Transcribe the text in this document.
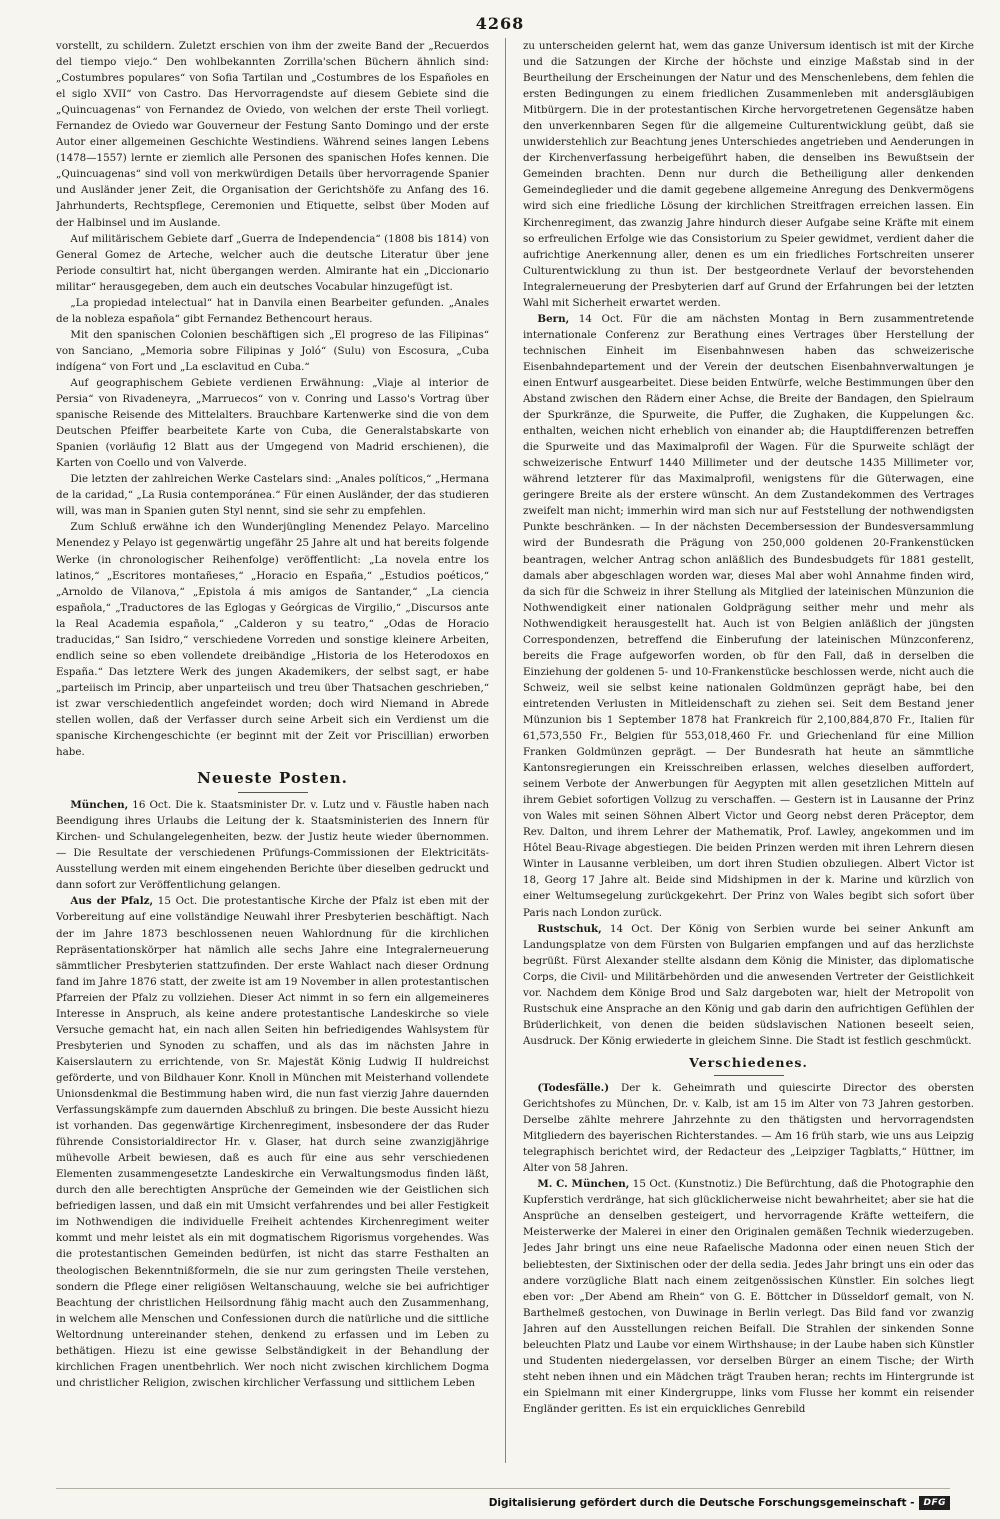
4268

vorstellt, zu schildern. Zuletzt erschien von ihm der zweite Band der „Recuerdos del tiempo viejo.“ Den wohlbekannten Zorrilla'schen Büchern ähnlich sind: „Costumbres populares“ von Sofia Tartilan und „Costumbres de los Españoles en el siglo XVII“ von Castro. Das Hervorragendste auf diesem Gebiete sind die „Quincuagenas“ von Fernandez de Oviedo, von welchen der erste Theil vorliegt. Fernandez de Oviedo war Gouverneur der Festung Santo Domingo und der erste Autor einer allgemeinen Geschichte Westindiens. Während seines langen Lebens (1478—1557) lernte er ziemlich alle Personen des spanischen Hofes kennen. Die „Quincuagenas“ sind voll von merkwürdigen Details über hervorragende Spanier und Ausländer jener Zeit, die Organisation der Gerichtshöfe zu Anfang des 16. Jahrhunderts, Rechtspflege, Ceremonien und Etiquette, selbst über Moden auf der Halbinsel und im Auslande.

Auf militärischem Gebiete darf „Guerra de Independencia“ (1808 bis 1814) von General Gomez de Arteche, welcher auch die deutsche Literatur über jene Periode consultirt hat, nicht übergangen werden. Almirante hat ein „Diccionario militar“ herausgegeben, dem auch ein deutsches Vocabular hinzugefügt ist.

„La propiedad intelectual“ hat in Danvila einen Bearbeiter gefunden. „Anales de la nobleza española“ gibt Fernandez Bethencourt heraus.

Mit den spanischen Colonien beschäftigen sich „El progreso de las Filipinas“ von Sanciano, „Memoria sobre Filipinas y Joló“ (Sulu) von Escosura, „Cuba indígena“ von Fort und „La esclavitud en Cuba.“

Auf geographischem Gebiete verdienen Erwähnung: „Viaje al interior de Persia“ von Rivadeneyra, „Marruecos“ von v. Conring und Lasso's Vortrag über spanische Reisende des Mittelalters. Brauchbare Kartenwerke sind die von dem Deutschen Pfeiffer bearbeitete Karte von Cuba, die Generalstabskarte von Spanien (vorläufig 12 Blatt aus der Umgegend von Madrid erschienen), die Karten von Coello und von Valverde.

Die letzten der zahlreichen Werke Castelars sind: „Anales políticos,“ „Hermana de la caridad,“ „La Rusia contemporánea.“ Für einen Ausländer, der das studieren will, was man in Spanien guten Styl nennt, sind sie sehr zu empfehlen.

Zum Schluß erwähne ich den Wunderjüngling Menendez Pelayo. Marcelino Menendez y Pelayo ist gegenwärtig ungefähr 25 Jahre alt und hat bereits folgende Werke (in chronologischer Reihenfolge) veröffentlicht: „La novela entre los latinos,“ „Escritores montañeses,“ „Horacio en España,“ „Estudios poéticos,“ „Arnoldo de Vilanova,“ „Epistola á mis amigos de Santander,“ „La ciencia española,“ „Traductores de las Eglogas y Geórgicas de Virgilio,“ „Discursos ante la Real Academia española,“ „Calderon y su teatro,“ „Odas de Horacio traducidas,“ San Isidro,“ verschiedene Vorreden und sonstige kleinere Arbeiten, endlich seine so eben vollendete dreibändige „Historia de los Heterodoxos en España.“ Das letztere Werk des jungen Akademikers, der selbst sagt, er habe „parteiisch im Princip, aber unparteiisch und treu über Thatsachen geschrieben,“ ist zwar verschiedentlich angefeindet worden; doch wird Niemand in Abrede stellen wollen, daß der Verfasser durch seine Arbeit sich ein Verdienst um die spanische Kirchengeschichte (er beginnt mit der Zeit vor Priscillian) erworben habe.

Neueste Posten.

München, 16 Oct. Die k. Staatsminister Dr. v. Lutz und v. Fäustle haben nach Beendigung ihres Urlaubs die Leitung der k. Staatsministerien des Innern für Kirchen- und Schulangelegenheiten, bezw. der Justiz heute wieder übernommen. — Die Resultate der verschiedenen Prüfungs-Commissionen der Elektricitäts-Ausstellung werden mit einem eingehenden Berichte über dieselben gedruckt und dann sofort zur Veröffentlichung gelangen.

Aus der Pfalz, 15 Oct. Die protestantische Kirche der Pfalz ist eben mit der Vorbereitung auf eine vollständige Neuwahl ihrer Presbyterien beschäftigt. Nach der im Jahre 1873 beschlossenen neuen Wahlordnung für die kirchlichen Repräsentationskörper hat nämlich alle sechs Jahre eine Integralerneuerung sämmtlicher Presbyterien stattzufinden. Der erste Wahlact nach dieser Ordnung fand im Jahre 1876 statt, der zweite ist am 19 November in allen protestantischen Pfarreien der Pfalz zu vollziehen. Dieser Act nimmt in so fern ein allgemeineres Interesse in Anspruch, als keine andere protestantische Landeskirche so viele Versuche gemacht hat, ein nach allen Seiten hin befriedigendes Wahlsystem für Presbyterien und Synoden zu schaffen, und als das im nächsten Jahre in Kaiserslautern zu errichtende, von Sr. Majestät König Ludwig II huldreichst geförderte, und von Bildhauer Konr. Knoll in München mit Meisterhand vollendete Unionsdenkmal die Bestimmung haben wird, die nun fast vierzig Jahre dauernden Verfassungskämpfe zum dauernden Abschluß zu bringen. Die beste Aussicht hiezu ist vorhanden. Das gegenwärtige Kirchenregiment, insbesondere der das Ruder führende Consistorialdirector Hr. v. Glaser, hat durch seine zwanzigjährige mühevolle Arbeit bewiesen, daß es auch für eine aus sehr verschiedenen Elementen zusammengesetzte Landeskirche ein Verwaltungsmodus finden läßt, durch den alle berechtigten Ansprüche der Gemeinden wie der Geistlichen sich befriedigen lassen, und daß ein mit Umsicht verfahrendes und bei aller Festigkeit im Nothwendigen die individuelle Freiheit achtendes Kirchenregiment weiter kommt und mehr leistet als ein mit dogmatischem Rigorismus vorgehendes. Was die protestantischen Gemeinden bedürfen, ist nicht das starre Festhalten an theologischen Bekenntnißformeln, die sie nur zum geringsten Theile verstehen, sondern die Pflege einer religiösen Weltanschauung, welche sie bei aufrichtiger Beachtung der christlichen Heilsordnung fähig macht auch den Zusammenhang, in welchem alle Menschen und Confessionen durch die natürliche und die sittliche Weltordnung untereinander stehen, denkend zu erfassen und im Leben zu bethätigen. Hiezu ist eine gewisse Selbständigkeit in der Behandlung der kirchlichen Fragen unentbehrlich. Wer noch nicht zwischen kirchlichem Dogma und christlicher Religion, zwischen kirchlicher Verfassung und sittlichem Leben

zu unterscheiden gelernt hat, wem das ganze Universum identisch ist mit der Kirche und die Satzungen der Kirche der höchste und einzige Maßstab sind in der Beurtheilung der Erscheinungen der Natur und des Menschenlebens, dem fehlen die ersten Bedingungen zu einem friedlichen Zusammenleben mit andersgläubigen Mitbürgern. Die in der protestantischen Kirche hervorgetretenen Gegensätze haben den unverkennbaren Segen für die allgemeine Culturentwicklung geübt, daß sie unwiderstehlich zur Beachtung jenes Unterschiedes angetrieben und Aenderungen in der Kirchenverfassung herbeigeführt haben, die denselben ins Bewußtsein der Gemeinden brachten. Denn nur durch die Betheiligung aller denkenden Gemeindeglieder und die damit gegebene allgemeine Anregung des Denkvermögens wird sich eine friedliche Lösung der kirchlichen Streitfragen erreichen lassen. Ein Kirchenregiment, das zwanzig Jahre hindurch dieser Aufgabe seine Kräfte mit einem so erfreulichen Erfolge wie das Consistorium zu Speier gewidmet, verdient daher die aufrichtige Anerkennung aller, denen es um ein friedliches Fortschreiten unserer Culturentwicklung zu thun ist. Der bestgeordnete Verlauf der bevorstehenden Integralerneuerung der Presbyterien darf auf Grund der Erfahrungen bei der letzten Wahl mit Sicherheit erwartet werden.

Bern, 14 Oct. Für die am nächsten Montag in Bern zusammentretende internationale Conferenz zur Berathung eines Vertrages über Herstellung der technischen Einheit im Eisenbahnwesen haben das schweizerische Eisenbahndepartement und der Verein der deutschen Eisenbahnverwaltungen je einen Entwurf ausgearbeitet. Diese beiden Entwürfe, welche Bestimmungen über den Abstand zwischen den Rädern einer Achse, die Breite der Bandagen, den Spielraum der Spurkränze, die Spurweite, die Puffer, die Zughaken, die Kuppelungen &c. enthalten, weichen nicht erheblich von einander ab; die Hauptdifferenzen betreffen die Spurweite und das Maximalprofil der Wagen. Für die Spurweite schlägt der schweizerische Entwurf 1440 Millimeter und der deutsche 1435 Millimeter vor, während letzterer für das Maximalprofil, wenigstens für die Güterwagen, eine geringere Breite als der erstere wünscht. An dem Zustandekommen des Vertrages zweifelt man nicht; immerhin wird man sich nur auf Feststellung der nothwendigsten Punkte beschränken. — In der nächsten Decembersession der Bundesversammlung wird der Bundesrath die Prägung von 250,000 goldenen 20-Frankenstücken beantragen, welcher Antrag schon anläßlich des Bundesbudgets für 1881 gestellt, damals aber abgeschlagen worden war, dieses Mal aber wohl Annahme finden wird, da sich für die Schweiz in ihrer Stellung als Mitglied der lateinischen Münzunion die Nothwendigkeit einer nationalen Goldprägung seither mehr und mehr als Nothwendigkeit herausgestellt hat. Auch ist von Belgien anläßlich der jüngsten Correspondenzen, betreffend die Einberufung der lateinischen Münzconferenz, bereits die Frage aufgeworfen worden, ob für den Fall, daß in derselben die Einziehung der goldenen 5- und 10-Frankenstücke beschlossen werde, nicht auch die Schweiz, weil sie selbst keine nationalen Goldmünzen geprägt habe, bei den eintretenden Verlusten in Mitleidenschaft zu ziehen sei. Seit dem Bestand jener Münzunion bis 1 September 1878 hat Frankreich für 2,100,884,870 Fr., Italien für 61,573,550 Fr., Belgien für 553,018,460 Fr. und Griechenland für eine Million Franken Goldmünzen geprägt. — Der Bundesrath hat heute an sämmtliche Kantonsregierungen ein Kreisschreiben erlassen, welches dieselben auffordert, seinem Verbote der Anwerbungen für Aegypten mit allen gesetzlichen Mitteln auf ihrem Gebiet sofortigen Vollzug zu verschaffen. — Gestern ist in Lausanne der Prinz von Wales mit seinen Söhnen Albert Victor und Georg nebst deren Präceptor, dem Rev. Dalton, und ihrem Lehrer der Mathematik, Prof. Lawley, angekommen und im Hôtel Beau-Rivage abgestiegen. Die beiden Prinzen werden mit ihren Lehrern diesen Winter in Lausanne verbleiben, um dort ihren Studien obzuliegen. Albert Victor ist 18, Georg 17 Jahre alt. Beide sind Midshipmen in der k. Marine und kürzlich von einer Weltumsegelung zurückgekehrt. Der Prinz von Wales begibt sich sofort über Paris nach London zurück.

Rustschuk, 14 Oct. Der König von Serbien wurde bei seiner Ankunft am Landungsplatze von dem Fürsten von Bulgarien empfangen und auf das herzlichste begrüßt. Fürst Alexander stellte alsdann dem König die Minister, das diplomatische Corps, die Civil- und Militärbehörden und die anwesenden Vertreter der Geistlichkeit vor. Nachdem dem Könige Brod und Salz dargeboten war, hielt der Metropolit von Rustschuk eine Ansprache an den König und gab darin den aufrichtigen Gefühlen der Brüderlichkeit, von denen die beiden südslavischen Nationen beseelt seien, Ausdruck. Der König erwiederte in gleichem Sinne. Die Stadt ist festlich geschmückt.

Verschiedenes.

(Todesfälle.) Der k. Geheimrath und quiescirte Director des obersten Gerichtshofes zu München, Dr. v. Kalb, ist am 15 im Alter von 73 Jahren gestorben. Derselbe zählte mehrere Jahrzehnte zu den thätigsten und hervorragendsten Mitgliedern des bayerischen Richterstandes. — Am 16 früh starb, wie uns aus Leipzig telegraphisch berichtet wird, der Redacteur des „Leipziger Tagblatts,“ Hüttner, im Alter von 58 Jahren.

M. C. München, 15 Oct. (Kunstnotiz.) Die Befürchtung, daß die Photographie den Kupferstich verdränge, hat sich glücklicherweise nicht bewahrheitet; aber sie hat die Ansprüche an denselben gesteigert, und hervorragende Kräfte wetteifern, die Meisterwerke der Malerei in einer den Originalen gemäßen Technik wiederzugeben. Jedes Jahr bringt uns eine neue Rafaelische Madonna oder einen neuen Stich der beliebtesten, der Sixtinischen oder der della sedia. Jedes Jahr bringt uns ein oder das andere vorzügliche Blatt nach einem zeitgenössischen Künstler. Ein solches liegt eben vor: „Der Abend am Rhein“ von G. E. Böttcher in Düsseldorf gemalt, von N. Barthelmeß gestochen, von Duwinage in Berlin verlegt. Das Bild fand vor zwanzig Jahren auf den Ausstellungen reichen Beifall. Die Strahlen der sinkenden Sonne beleuchten Platz und Laube vor einem Wirthshause; in der Laube haben sich Künstler und Studenten niedergelassen, vor derselben Bürger an einem Tische; der Wirth steht neben ihnen und ein Mädchen trägt Trauben heran; rechts im Hintergrunde ist ein Spielmann mit einer Kindergruppe, links vom Flusse her kommt ein reisender Engländer geritten. Es ist ein erquickliches Genrebild

Digitalisierung gefördert durch die Deutsche Forschungsgemeinschaft -	DFG
